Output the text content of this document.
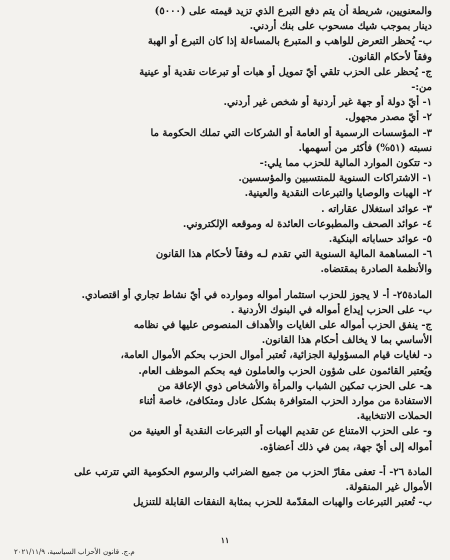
والمعنويين، شريطة أن يتم دفع التبرع الذي تزيد قيمته على (٥٠٠٠)
دينار بموجب شيك مسحوب على بنك أردني.
ب- يُحظر التعرض للواهب و المتبرع بالمساءلة إذا كان التبرع أو الهبة
وفقاً لأحكام القانون.
ج- يُحظر على الحزب تلقي أيّ تمويل أو هبات أو تبرعات نقدية أو عينية
من:-
١- أيّ دولة أو جهة غير أردنية أو شخص غير أردني.
٢- أيّ مصدر مجهول.
٣- المؤسسات الرسمية أو العامة أو الشركات التي تملك الحكومة ما
نسبته (٥١%) فأكثر من أسهمها.
د- تتكون الموارد المالية للحزب مما يلي:-
١- الاشتراكات السنوية للمنتسبين والمؤسسين.
٢- الهبات والوصايا والتبرعات النقدية والعينية.
٣- عوائد استغلال عقاراته .
٤- عوائد الصحف والمطبوعات العائدة له وموقعه الإلكتروني.
٥- عوائد حساباته البنكية.
٦- المساهمة المالية السنوية التي تقدم لـه وفقاً لأحكام هذا القانون
والأنظمة الصادرة بمقتضاه.
المادة٢٥- أ- لا يجوز للحزب استثمار أمواله وموارده في أيّ نشاط تجاري أو اقتصادي.
ب- على الحزب إيداع أمواله في البنوك الأردنية .
ج- ينفق الحزب أمواله على الغايات والأهداف المنصوص عليها في نظامه
الأساسي بما لا يخالف أحكام هذا القانون.
د- لغايات قيام المسؤولية الجزائية، تُعتبر أموال الحزب بحكم الأموال العامة،
ويُعتبر القائمون على شؤون الحزب والعاملون فيه بحكم الموظف العام.
هـ- على الحزب تمكين الشباب والمرأة والأشخاص ذوي الإعاقة من
الاستفادة من موارد الحزب المتوافرة بشكل عادل ومتكافئ، خاصة أثناء
الحملات الانتخابية.
و- على الحزب الامتناع عن تقديم الهبات أو التبرعات النقدية أو العينية من
أمواله إلى أيّ جهة، بمن في ذلك أعضاؤه.
المادة ٢٦- أ- تعفى مقارّ الحزب من جميع الضرائب والرسوم الحكومية التي تترتب على
الأموال غير المنقولة.
ب- تُعتبر التبرعات والهبات المقدّمة للحزب بمثابة النفقات القابلة للتنزيل
١١
م.ج. قانون الأحزاب السياسية، ٢٠٢١/١١/٩
